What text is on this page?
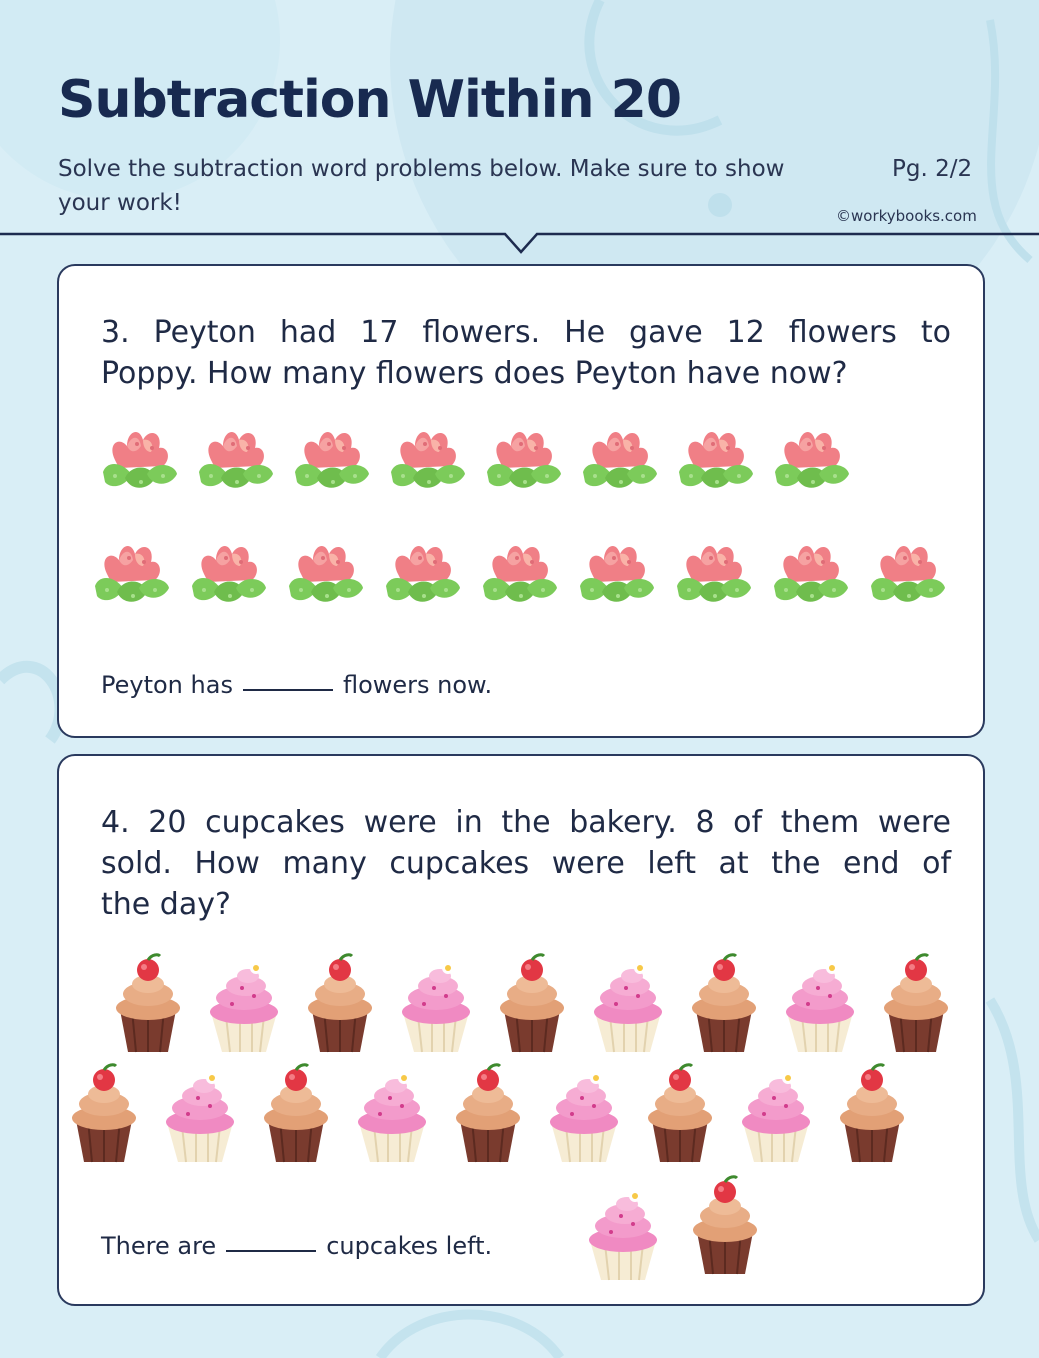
Subtraction Within 20

Solve the subtraction word problems below. Make sure to show your work!

Pg. 2/2
©workybooks.com

3. Peyton had 17 flowers. He gave 12 flowers to

Poppy. How many flowers does Peyton have now?

Peyton has	flowers now.

4. 20 cupcakes were in the bakery. 8 of them were

sold. How many cupcakes were left at the end of

the day?

There are	cupcakes left.
